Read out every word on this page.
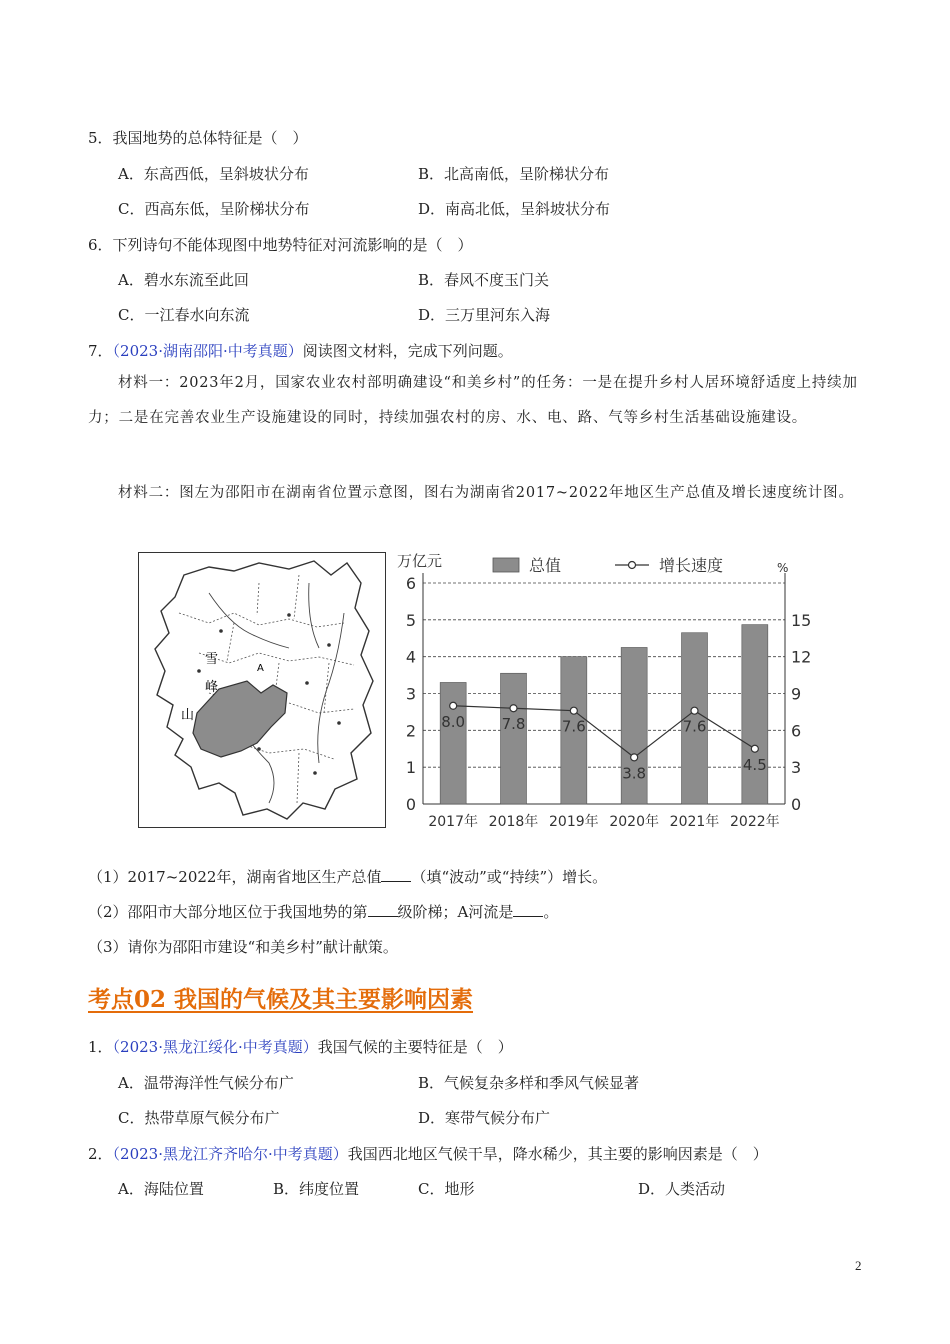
5．我国地势的总体特征是（　）
A．东高西低，呈斜坡状分布	B．北高南低，呈阶梯状分布
C．西高东低，呈阶梯状分布	D．南高北低，呈斜坡状分布
6．下列诗句不能体现图中地势特征对河流影响的是（　）
A．碧水东流至此回	B．春风不度玉门关
C．一江春水向东流	D．三万里河东入海
7．（2023·湖南邵阳·中考真题）阅读图文材料，完成下列问题。
材料一：2023年2月，国家农业农村部明确建设“和美乡村”的任务：一是在提升乡村人居环境舒适度上持续加力；二是在完善农业生产设施建设的同时，持续加强农村的房、水、电、路、气等乡村生活基础设施建设。
材料二：图左为邵阳市在湖南省位置示意图，图右为湖南省2017~2022年地区生产总值及增长速度统计图。
雪
峰
山
A
0
1
2
3
4
5
6
0
3
6
9
12
15
2017年 2018年 2019年 2020年 2021年 2022年
8.0 7.8 7.6
3.8
7.6
4.5
总值	增长速度
万亿元	%
（1）2017~2022年，湖南省地区生产总值 （填“波动”或“持续”）增长。
（2）邵阳市大部分地区位于我国地势的第 级阶梯；A河流是 。
（3）请你为邵阳市建设“和美乡村”献计献策。
考点02 我国的气候及其主要影响因素
1．（2023·黑龙江绥化·中考真题）我国气候的主要特征是（　）
A．温带海洋性气候分布广	B．气候复杂多样和季风气候显著
C．热带草原气候分布广	D．寒带气候分布广
2．（2023·黑龙江齐齐哈尔·中考真题）我国西北地区气候干旱，降水稀少，其主要的影响因素是（　）
A．海陆位置	B．纬度位置	C．地形	D．人类活动
2
